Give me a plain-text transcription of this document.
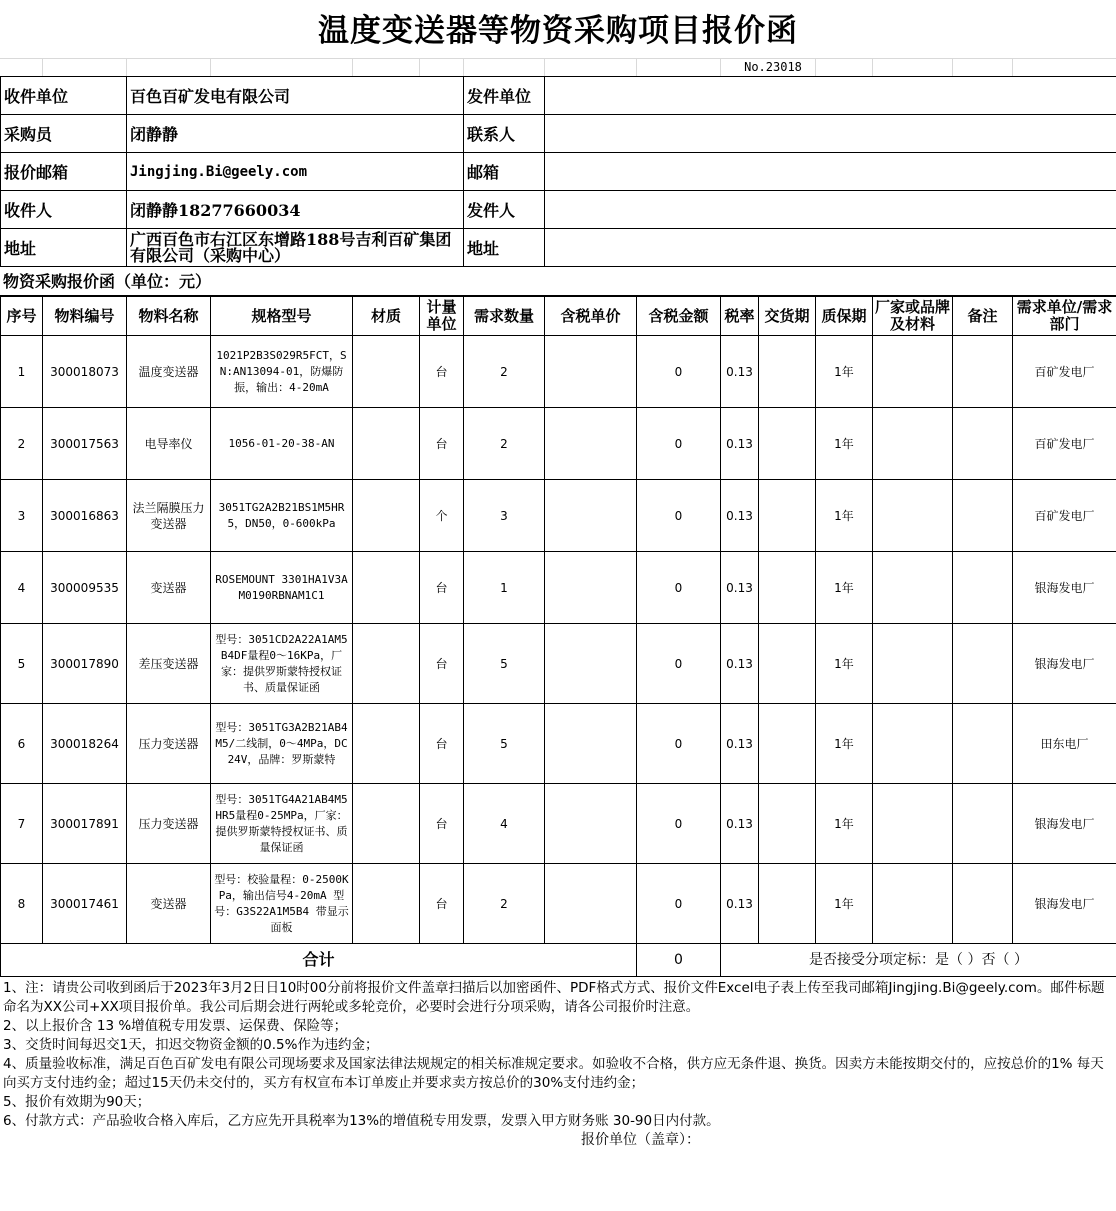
温度变送器等物资采购项目报价函
No.23018
收件单位	百色百矿发电有限公司	发件单位	
采购员	闭静静	联系人	
报价邮箱	Jingjing.Bi@geely.com	邮箱	
收件人	闭静静18277660034	发件人	
地址	广西百色市右江区东增路188号吉利百矿集团有限公司（采购中心）	地址	
物资采购报价函（单位：元）
序号	物料编号	物料名称	规格型号	材质	计量单位	需求数量	含税单价	含税金额	税率	交货期	质保期	厂家或品牌及材料	备注	需求单位/需求部门
1	300018073	温度变送器	1021P2B3S029R5FCT，SN:AN13094-01，防爆防振，输出：4-20mA		台	2		0	0.13		1年			百矿发电厂
2	300017563	电导率仪	1056-01-20-38-AN		台	2		0	0.13		1年			百矿发电厂
3	300016863	法兰隔膜压力变送器	3051TG2A2B21BS1M5HR5，DN50，0-600kPa		个	3		0	0.13		1年			百矿发电厂
4	300009535	变送器	ROSEMOUNT 3301HA1V3AM0190RBNAM1C1		台	1		0	0.13		1年			银海发电厂
5	300017890	差压变送器	型号：3051CD2A22A1AM5B4DF量程0～16KPa，厂家：提供罗斯蒙特授权证书、质量保证函		台	5		0	0.13		1年			银海发电厂
6	300018264	压力变送器	型号：3051TG3A2B21AB4M5/二线制，0～4MPa，DC24V，品牌：罗斯蒙特		台	5		0	0.13		1年			田东电厂
7	300017891	压力变送器	型号：3051TG4A21AB4M5HR5量程0-25MPa，厂家：提供罗斯蒙特授权证书、质量保证函		台	4		0	0.13		1年			银海发电厂
8	300017461	变送器	型号：校验量程：0-2500KPa，输出信号4-20mA 型号：G3S22A1M5B4 带显示面板		台	2		0	0.13		1年			银海发电厂
合计								0	是否接受分项定标：是（ ）否（ ）					

1、注：请贵公司收到函后于2023年3月2日日10时00分前将报价文件盖章扫描后以加密函件、PDF格式方式、报价文件Excel电子表上传至我司邮箱Jingjing.Bi@geely.com。邮件标题命名为XX公司+XX项目报价单。我公司后期会进行两轮或多轮竞价，必要时会进行分项采购，请各公司报价时注意。

2、以上报价含 13 %增值税专用发票、运保费、保险等；

3、交货时间每迟交1天，扣迟交物资金额的0.5%作为违约金；

4、质量验收标准，满足百色百矿发电有限公司现场要求及国家法律法规规定的相关标准规定要求。如验收不合格，供方应无条件退、换货。因卖方未能按期交付的，应按总价的1% 每天向买方支付违约金；超过15天仍未交付的，买方有权宣布本订单废止并要求卖方按总价的30%支付违约金；

5、报价有效期为90天；

6、付款方式：产品验收合格入库后，乙方应先开具税率为13%的增值税专用发票，发票入甲方财务账 30-90日内付款。

报价单位（盖章）：
